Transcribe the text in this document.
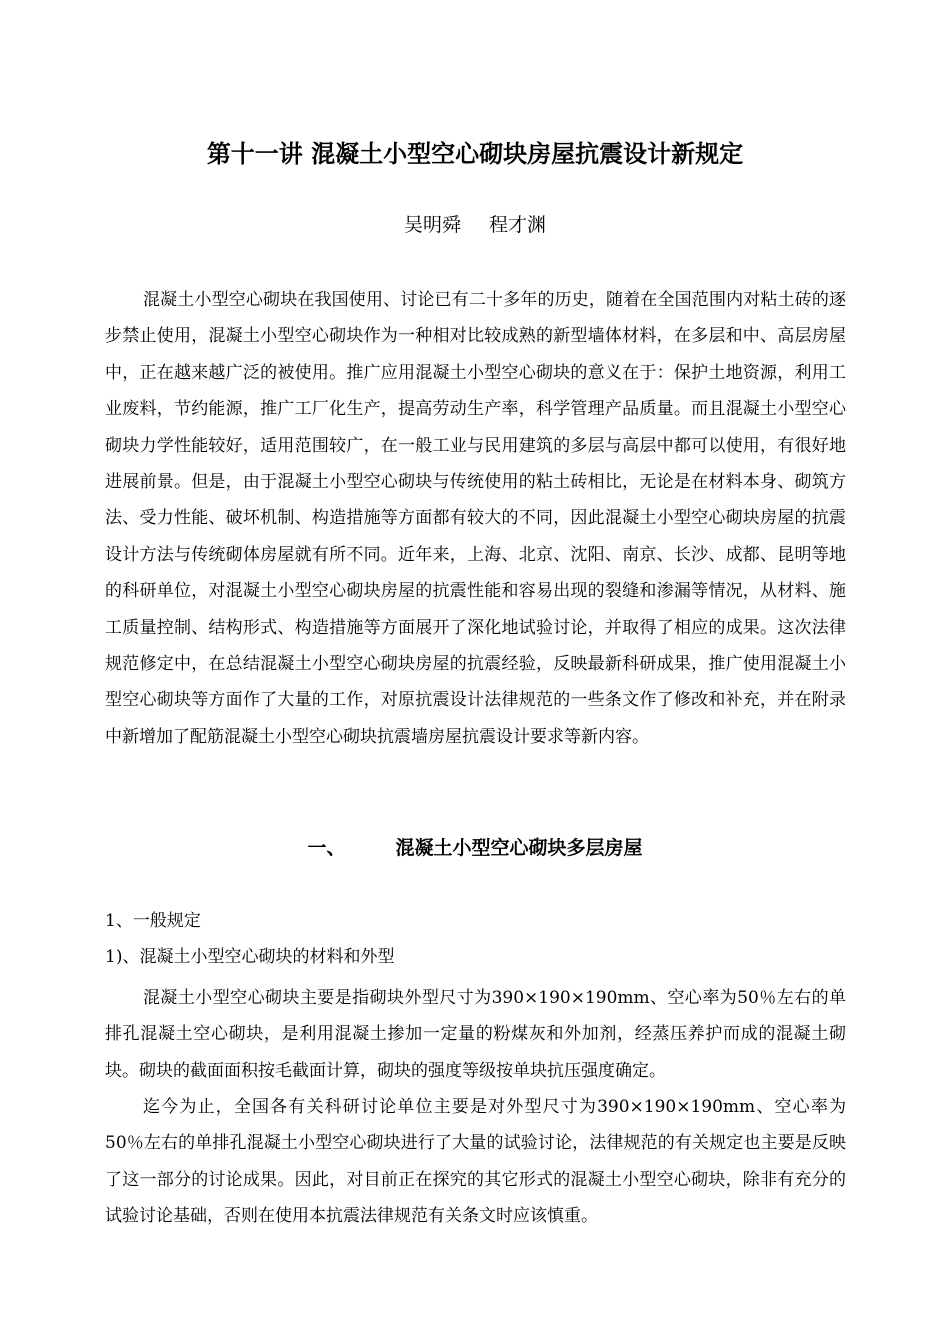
第十一讲 混凝土小型空心砌块房屋抗震设计新规定
吴明舜 程才渊

混凝土小型空心砌块在我国使用、讨论已有二十多年的历史，随着在全国范围内对粘土砖的逐步禁止使用，混凝土小型空心砌块作为一种相对比较成熟的新型墙体材料，在多层和中、高层房屋中，正在越来越广泛的被使用。推广应用混凝土小型空心砌块的意义在于：保护土地资源，利用工业废料，节约能源，推广工厂化生产，提高劳动生产率，科学管理产品质量。而且混凝土小型空心砌块力学性能较好，适用范围较广，在一般工业与民用建筑的多层与高层中都可以使用，有很好地进展前景。但是，由于混凝土小型空心砌块与传统使用的粘土砖相比，无论是在材料本身、砌筑方法、受力性能、破坏机制、构造措施等方面都有较大的不同，因此混凝土小型空心砌块房屋的抗震设计方法与传统砌体房屋就有所不同。近年来，上海、北京、沈阳、南京、长沙、成都、昆明等地的科研单位，对混凝土小型空心砌块房屋的抗震性能和容易出现的裂缝和渗漏等情况，从材料、施工质量控制、结构形式、构造措施等方面展开了深化地试验讨论，并取得了相应的成果。这次法律规范修定中，在总结混凝土小型空心砌块房屋的抗震经验，反映最新科研成果，推广使用混凝土小型空心砌块等方面作了大量的工作，对原抗震设计法律规范的一些条文作了修改和补充，并在附录中新增加了配筋混凝土小型空心砌块抗震墙房屋抗震设计要求等新内容。

一、	混凝土小型空心砌块多层房屋

1、一般规定

1)、混凝土小型空心砌块的材料和外型

混凝土小型空心砌块主要是指砌块外型尺寸为390×190×190mm、空心率为50％左右的单排孔混凝土空心砌块，是利用混凝土掺加一定量的粉煤灰和外加剂，经蒸压养护而成的混凝土砌块。砌块的截面面积按毛截面计算，砌块的强度等级按单块抗压强度确定。

迄今为止，全国各有关科研讨论单位主要是对外型尺寸为390×190×190mm、空心率为50％左右的单排孔混凝土小型空心砌块进行了大量的试验讨论，法律规范的有关规定也主要是反映了这一部分的讨论成果。因此，对目前正在探究的其它形式的混凝土小型空心砌块，除非有充分的试验讨论基础，否则在使用本抗震法律规范有关条文时应该慎重。
